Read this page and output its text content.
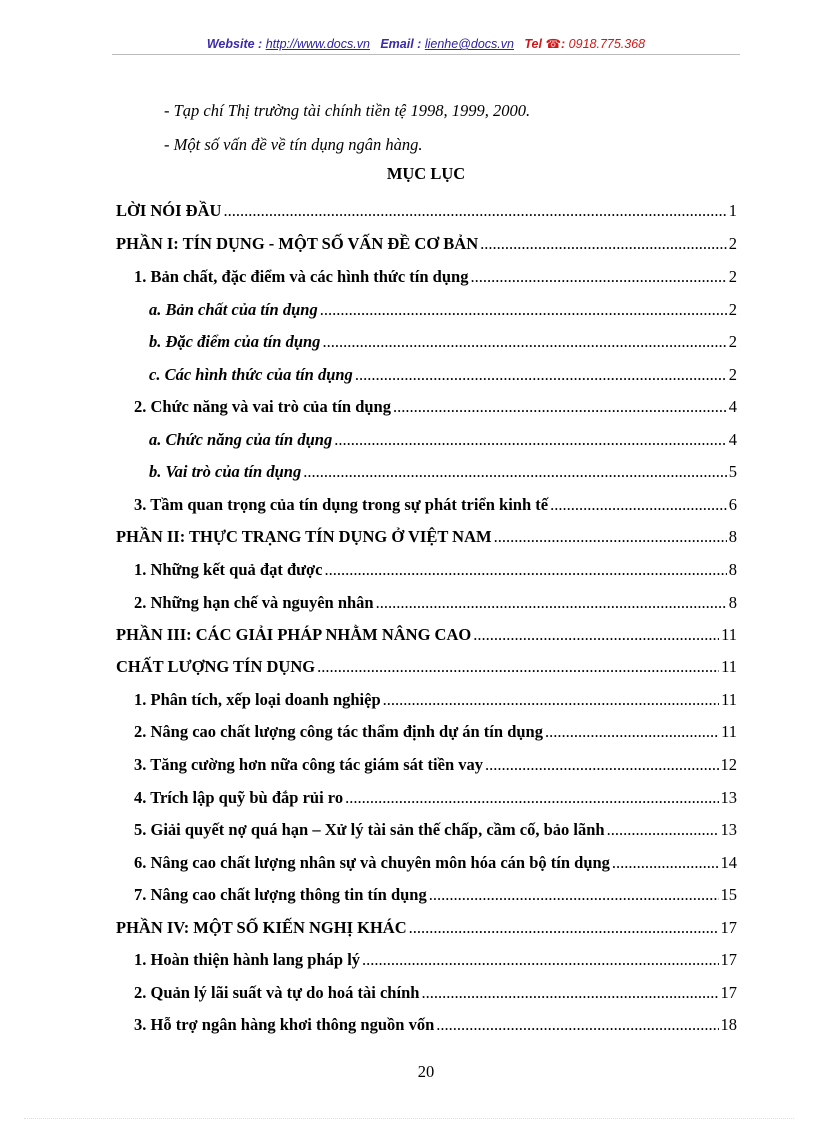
Website : http://www.docs.vn Email : lienhe@docs.vn Tel ☎: 0918.775.368
- Tạp chí Thị trường tài chính tiền tệ 1998, 1999, 2000.
- Một số vấn đề về tín dụng ngân hàng.
MỤC LỤC
LỜI NÓI ĐẦU .....	1
PHẦN I: TÍN DỤNG - MỘT SỐ VẤN ĐỀ CƠ BẢN .....	2
1. Bản chất, đặc điểm và các hình thức tín dụng .....	2
a. Bản chất của tín dụng .....	2
b. Đặc điểm của tín dụng .....	2
c. Các hình thức của tín dụng .....	2
2. Chức năng và vai trò của tín dụng .....	4
a. Chức năng của tín dụng .....	4
b. Vai trò của tín dụng .....	5
3. Tầm quan trọng của tín dụng trong sự phát triển kinh tế .....	6
PHẦN II: THỰC TRẠNG TÍN DỤNG Ở VIỆT NAM .....	8
1. Những kết quả đạt được .....	8
2. Những hạn chế và nguyên nhân .....	8
PHẦN III: CÁC GIẢI PHÁP NHẰM NÂNG CAO .....	11
CHẤT LƯỢNG TÍN DỤNG .....	11
1. Phân tích, xếp loại doanh nghiệp .....	11
2. Nâng cao chất lượng công tác thẩm định dự án tín dụng .....	11
3. Tăng cường hơn nữa công tác giám sát tiền vay .....	12
4. Trích lập quỹ bù đắp rủi ro .....	13
5. Giải quyết nợ quá hạn – Xử lý tài sản thế chấp, cầm cố, bảo lãnh .....	13
6. Nâng cao chất lượng nhân sự và chuyên môn hóa cán bộ tín dụng .....	14
7. Nâng cao chất lượng thông tin tín dụng .....	15
PHẦN IV: MỘT SỐ KIẾN NGHỊ KHÁC .....	17
1. Hoàn thiện hành lang pháp lý .....	17
2. Quản lý lãi suất và tự do hoá tài chính .....	17
3. Hỗ trợ ngân hàng khơi thông nguồn vốn .....	18
20
